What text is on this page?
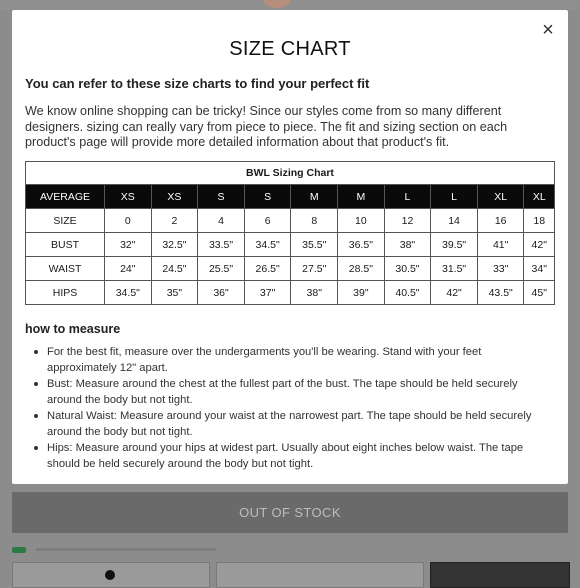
×
SIZE CHART
You can refer to these size charts to find your perfect fit
We know online shopping can be tricky! Since our styles come from so many different designers. sizing can really vary from piece to piece. The fit and sizing section on each product's page will provide more detailed information about that product's fit.
BWL Sizing Chart										
AVERAGE	XS	XS	S	S	M	M	L	L	XL	XL
SIZE	0	2	4	6	8	10	12	14	16	18
BUST	32"	32.5"	33.5"	34.5"	35.5"	36.5"	38"	39.5"	41"	42"
WAIST	24"	24.5"	25.5"	26.5"	27.5"	28.5"	30.5"	31.5"	33"	34"
HIPS	34.5"	35"	36"	37"	38"	39"	40.5"	42"	43.5"	45"
how to measure
For the best fit, measure over the undergarments you'll be wearing. Stand with your feet approximately 12" apart.
Bust: Measure around the chest at the fullest part of the bust. The tape should be held securely around the body but not tight.
Natural Waist: Measure around your waist at the narrowest part. The tape should be held securely around the body but not tight.
Hips: Measure around your hips at widest part. Usually about eight inches below waist. The tape should be held securely around the body but not tight.
OUT OF STOCK
